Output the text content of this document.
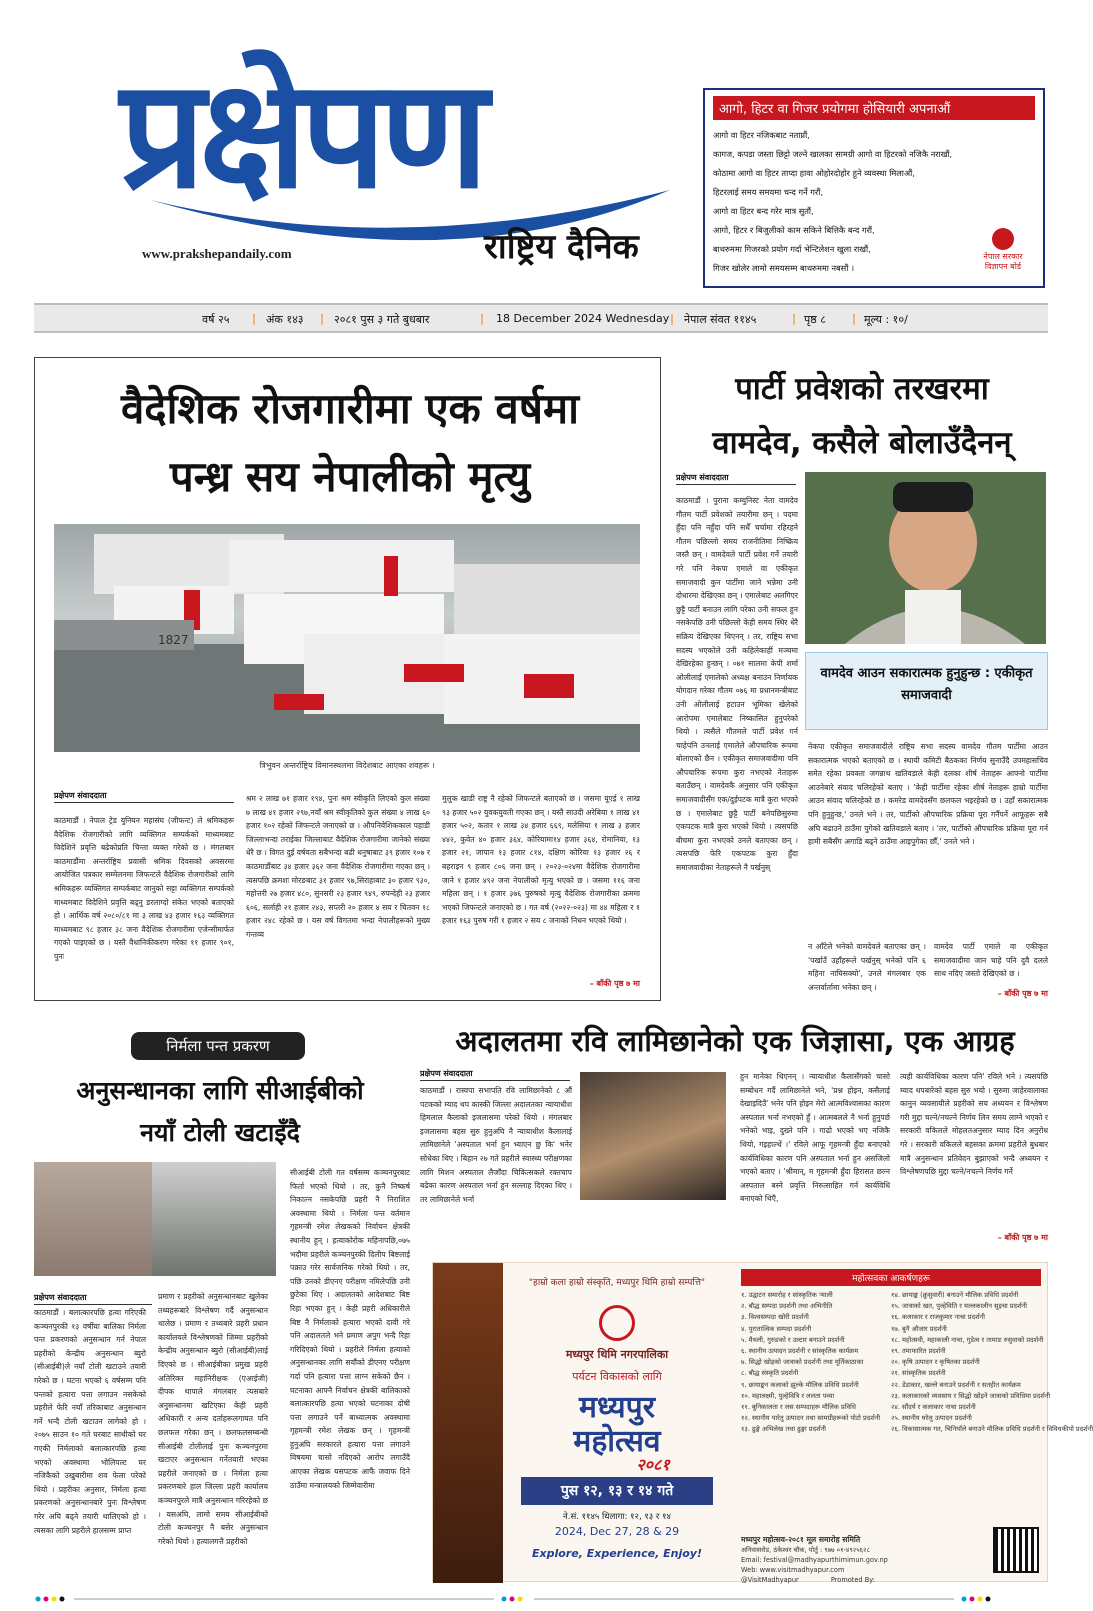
प्रक्षेपण
www.prakshepandaily.com	राष्ट्रिय दैनिक
आगो, हिटर वा गिजर प्रयोगमा होसियारी अपनाऔं
आगो वा हिटर नजिकबाट नताप्नौं,
कागज, कपडा जस्ता छिट्टो जल्ने खालका सामग्री आगो वा हिटरको नजिकै नराखौं,
कोठामा आगो वा हिटर ताप्दा हावा ओहोरदोहोर हुने व्यवस्था मिलाऔं,
हिटरलाई समय समयमा चन्द गर्ने गरौं,
आगो वा हिटर बन्द गरेर मात्र सुतौं,
आगो, हिटर र बिजुलीको काम सकिने बित्तिकै बन्द गरौं,
बाथरुममा गिजरको प्रयोग गर्दा भेन्टिलेशन खुला राखौं,
गिजर खोलेर लामो समयसम्म बाथरुममा नबसौं ।
नेपाल सरकार विज्ञापन बोर्ड
वर्ष २५ | अंक १४३ | २०८१ पुस ३ गते बुधबार	| 18 December 2024 Wednesday | नेपाल संवत ११४५	| पृष्ठ ८ | मूल्य : १०/
वैदेशिक रोजगारीमा एक वर्षमा
पन्ध्र सय नेपालीको मृत्यु
1827
त्रिभुवन अन्तर्राष्ट्रिय विमानस्थलमा विदेशबाट आएका शवहरू ।
प्रक्षेपण संवाददाता
काठमाडौं । नेपाल ट्रेड युनियन महासंघ (जीफन्ट) ले श्रमिकहरू वैदेशिक रोजगारीको लागि व्यक्तिगत सम्पर्कको माध्यमबाट विदेशिने प्रवृत्ति बढेकोप्रति चिन्ता व्यक्त गरेको छ । मंगलबार काठमाडौंमा अन्तर्राष्ट्रिय प्रवासी श्रमिक दिवसको अवसरमा आयोजित पत्रकार सम्मेलनमा जिफन्टले वैदेशिक रोजगारीको लागि श्रमिकहरू व्यक्तिगत सम्पर्कबाट जानुको सट्टा व्यक्तिगत सम्पर्कको माध्यमबाट विदेशिने प्रवृत्ति बढ्नु डरलाग्दो संकेत भएको बताएको हो । आर्थिक वर्ष २०८०/८१ मा ३ लाख ४३ हजार १६३ व्यक्तिगत माध्यमबाट ९८ हजार ३८ जना वैदेशिक रोजगारीमा एजेन्सीमार्फत गएको पाइएको छ । यस्तै वैधानिकीकरण गरेका ११ हजार ९०१, पुनः
श्रम २ लाख ७१ हजार १९४, पुनः श्रम स्वीकृति लिएको कुल संख्या ७ लाख ४१ हजार २९७,नयाँ श्रम स्वीकृतिको कुल संख्या ४ लाख ६० हजार १०२ रहेको जिफन्टले जनाएको छ । औपनिवेशिककाल पहाडी जिल्लाभन्दा तराईका जिल्लाबाट वैदेशिक रोजगारीमा जानेको संख्या धेरै छ । विगत दुई वर्षयता सबैभन्दा बढी धनुषाबाट ३९ हजार १०७ र काठमाडौंबाट ३४ हजार ३६२ जना वैदेशिक रोजगारीमा गएका छन् । त्यसपछि क्रमशः मोरङबाट ३१ हजार ९७,सिराहाबाट ३० हजार ९३०, महोत्तरी २७ हजार ४८०, सुनसरी २३ हजार ९४९, रुपन्देही २३ हजार ६०६, सर्लाही २१ हजार २४३, सप्तरी २० हजार ४ सय र चितवन १८ हजार २४८ रहेको छ । यस वर्ष विगतमा भन्दा नेपालीहरूको मुख्य गन्तव्य
मुलुक खाडी राष्ट्र नै रहेको जिफन्टले बताएको छ । जसमा यूएई १ लाख ९३ हजार ५०२ युवकयुवती गएका छन् । यस्तै साउदी अरेबिया १ लाख ४१ हजार ५०२, कतार १ लाख ३४ हजार ६६९, मलेसिया १ लाख ३ हजार ४४२, कुवेत ४० हजार ३६४, कोरियामा१४ हजार ३६४, रोमानिया, १३ हजार २१, जापान १३ हजार ८१४, दक्षिण कोरिया १३ हजार २६ र बहराइन ९ हजार ८०६ जना छन् । २०२३-०२४मा वैदेशिक रोजगारीमा जाने १ हजार ४९२ जना नेपालीको मृत्यु भएको छ । जसमा ११६ जना महिला छन् । १ हजार ३७६ पुरुषको मृत्यु वैदेशिक रोजगारीका क्रममा भएको जिफन्टले जनाएको छ । गत वर्ष (२०२२-०२३) मा ४४ महिला र १ हजार १६३ पुरुष गरी १ हजार २ सय ८ जनाको निधन भएको थियो ।
– बाँकी पृष्ठ ७ मा
पार्टी प्रवेशको तरखरमा
वामदेव, कसैले बोलाउँदैनन्
प्रक्षेपण संवाददाता
काठमाडौं । पुराना कम्युनिस्ट नेता वामदेव गौतम पार्टी प्रवेशको तयारीमा छन् । पदमा हुँदा पनि नहुँदा पनि सधैँ चर्चामा रहिरहने गौतम पछिल्लो समय राजनीतिमा निष्क्रिय जस्तै छन् । वामदेवले पार्टी प्रवेश गर्ने तयारी गरे पनि नेकपा एमाले वा एकीकृत समाजवादी कुन पार्टीमा जाने भन्नेमा उनी दोधारमा देखिएका छन् । एमालेबाट अलगिएर छुट्टै पार्टी बनाउन लागि परेका उनी सफल हुन नसकेपछि उनी पछिल्लो केही समय स्थिर धेरै सक्रिय देखिएका थिएनन् । तर, राष्ट्रिय सभा सदस्य भएकोले उनी कहिलेकाहीं मञ्चमा देखिरहेका हुन्छन् । ०७१ सालमा केपी शर्मा ओलीलाई एमालेको अध्यक्ष बनाउन निर्णायक योगदान गरेका गौतम ०७६ मा प्रधानमन्त्रीबाट उनी ओलीलाई हटाउन भूमिका खेलेको आरोपमा एमालेबाट निष्कासित हुनुपरेको थियो । त्यसैले गौतमले पार्टी प्रवेश गर्न चाहेपनि उनलाई एमालेले औपचारिक रूपमा बोलाएको छैन । एकीकृत समाजवादीमा पनि औपचारिक रूपमा कुरा नभएको नेताहरू बताउँछन् । वामदेवकै अनुसार पनि एकीकृत समाजवादीसँग एक/दुईपटक मात्रै कुरा भएको छ । एमालेबाट छुट्टै पार्टी बनेपछिसुरुमा एकपटक मात्रै कुरा भएको थियो । त्यसपछि बीचमा कुरा नभएको उनले बताएका छन् । त्यसपछि फेरि एकपटक कुरा हुँदा समाजवादीका नेताहरूले नै पर्खनुस्
वामदेव आउन सकारात्मक हुनुहुन्छ : एकीकृत समाजवादी
नेकपा एकीकृत समाजवादीले राष्ट्रिय सभा सदस्य वामदेव गौतम पार्टीमा आउन सकारात्मक भएको बताएको छ । स्थायी कमिटी बैठकका निर्णय सुनाउँदै उपमहासचिव समेत रहेका प्रवक्ता जगन्नाथ खतिवडाले केही दलका शीर्ष नेताहरू आफ्नो पार्टीमा आउनेबारे संवाद चलिरहेको बताए । 'केही पार्टीमा रहेका शीर्ष नेताहरू हाम्रो पार्टीमा आउन संवाद चलिरहेको छ । कमरेड वामदेवसँग छलफल भइरहेको छ । उहाँ सकारात्मक पनि हुनुहुन्छ,' उनले भने । तर, पार्टीको औपचारिक प्रक्रिया पूरा गर्नैपर्ने आफूहरू सबै अघि बढाउने ठाउँमा पुगेको खतिवडाले बताए । 'तर, पार्टीको औपचारिक प्रक्रिया पूरा गर्न हामी सबैसँग अगाडि बढ्ने ठाउँमा आइपुगेका छौँ,' उनले भने ।
न आँटेले भनेको वामदेवले बताएका छन् । 'पर्खाउँ उहाँहरूले पर्खनुस् भनेको पनि ६ महिना नाघिसक्यो', उनले मंगलबार एक अन्तर्वार्तामा भनेका छन् ।
वामदेव पार्टी एमाले वा एकीकृत समाजवादीमा जान चाहे पनि दुवै दलले साथ नदिए जस्तो देखिएको छ ।
– बाँकी पृष्ठ ७ मा
निर्मला पन्त प्रकरण
अनुसन्धानका लागि सीआईबीको
नयाँ टोली खटाइँदै
प्रक्षेपण संवाददाता
काठमाडौं । बलात्कारपछि हत्या गरिएकी कञ्चनपुरकी १३ वर्षीया बालिका निर्मला पन्त प्रकरणको अनुसन्धान गर्न नेपाल प्रहरीको केन्द्रीय अनुसन्धान ब्युरो (सीआईबी)ले नयाँ टोली खटाउने तयारी गरेको छ । घटना भएको ६ वर्षसम्म पनि पन्तको हत्यारा पत्ता लगाउन नसकेको प्रहरीले फेरि नयाँ तरिकाबाट अनुसन्धान गर्ने भन्दै टोली खटाउन लागेको हो । २०७५ साउन १० गते घरबाट साथीको घर गएकी निर्मलाको बलात्कारपछि हत्या भएको अवस्थामा भोलिपल्ट घर नजिकैको उखुबारीमा शव फेला परेको थियो । प्रहरीका अनुसार, निर्मला हत्या प्रकरणको अनुसन्धानबारे पुनः विश्लेषण गरेर अघि बढ्ने तयारी थालिएको हो । त्यसका लागि प्रहरीले हालसम्म प्राप्त
प्रमाण र प्रहरीको अनुसन्धानबाट खुलेका तथ्यहरूबारे विश्लेषण गर्दै अनुसन्धान थालेछ । प्रमाण र तथ्यबारे प्रहरी प्रधान कार्यालयले विश्लेषणको जिम्मा प्रहरीको केन्द्रीय अनुसन्धान ब्युरो (सीआईबी)लाई दिएको छ । सीआईबीका प्रमुख प्रहरी अतिरिक्त महानिरीक्षक (एआईजी) दीपक थापाले मंगलबार त्यसबारे अनुसन्धानमा खटिएका केही प्रहरी अधिकारी र अन्य दर्ताहरूलगायत पनि छलफल गरेका छन् । छलफलसम्बन्धी सीआईबी टोलीलाई पुनः कञ्चनपुरमा खटाएर अनुसन्धान गर्नेतयारी भएका प्रहरीले जनाएको छ । निर्मला हत्या प्रकरणबारे हाल जिल्ला प्रहरी कार्यालय कञ्चनपुरले मात्रै अनुसन्धान गरिरहेको छ । यसअघि, लामो समय सीआईबीको टोली कञ्चनपुर नै बसेर अनुसन्धान गरेको थियो । हत्यालगत्तै प्रहरीको
सीआईबी टोली गत वर्षसम्म कञ्चनपुरबाट फिर्ता भएको थियो । तर, कुनै निष्कर्ष निकाल्न नसकेपछि प्रहरी नै निराशित अवस्थामा थियो । निर्मला पन्त वर्तमान गृहमन्त्री रमेश लेखकको निर्वाचन क्षेत्रकी स्थानीय हुन् । हत्याकोरोक महिनापछि,०७५ भदौमा प्रहरीले कञ्चनपुरकी दिलीप बिष्टलाई पक्राउ गरेर सार्वजनिक गरेको थियो । तर, पछि उनको डीएनए परीक्षण नमिलेपछि उनी छुटेका थिए । अदालतको आदेशबाट बिष्ट रिहा भएका हुन् । केही प्रहरी अधिकारीले बिष्ट नै निर्मलाको हत्यारा भएको दावी गरे पनि अदालतले भने प्रमाण अपुग भन्दै रिहा गरिदिएको थियो । प्रहरीले निर्मला हत्याको अनुसन्धानका लागि सयौंको डीएनए परीक्षण गर्दा पनि हत्यारा पत्ता लाग्न सकेको छैन । घटनाका आफ्नै निर्वाचन क्षेत्रकी बालिकाको बलात्कारपछि हत्या भएको घटनाका दोषी पत्ता लगाउने पर्ने बाध्यात्मक अवस्थामा गृहमन्त्री रमेश लेखक छन् । गृहमन्त्री हुनुअघि सरकारले हत्यारा पत्ता लगाउने विषयमा चासो नदिएको आरोप लगाउँदै आएका लेखक यसपटक आफैं जवाफ दिने ठाउँमा मन्त्रालयको जिम्मेवारीमा
अदालतमा रवि लामिछानेको एक जिज्ञासा, एक आग्रह
प्रक्षेपण संवाददाता
काठमाडौं । रास्वपा सभापति रवि लामिछानेको ८ औं पटकको म्याद थप कास्की जिल्ला अदालतका न्यायाधीश हिमलाल कैलाको इजलासमा परेको थियो । मंगलबार इजलासमा बहस सुरु हुनुअघि नै न्यायाधीश कैलालाई लामिछानेले 'अस्पताल भर्ना हुन भ्याएन छु कि' भनेर सोधेका थिए । बिहान २७ गते प्रहरीले स्वास्थ्य परीक्षणका लागि मिशन अस्पताल लैजाँदा चिकित्सकले रक्तचाप बढेका कारण अस्पताल भर्ना हुन सल्लाह दिएका थिए । तर लामिछानेले भर्ना
हुन मानेका थिएनन् । न्यायाधीश कैलासँगको चासो सम्बोधन गर्दै लामिछानेले भने, 'प्रश्न होइन, कसैलाई देखाइदिउँ' भनेर पनि होइन मेरो आत्मविश्वासका कारण अस्पताल भर्ना नभएको हुँ । आत्मबलले नै भर्ना हुनुपर्छ भनेको भाइ, दुख्ने पनि । गाढो भएको भए नजिकै थियो, गइहाल्थें ।' रविले आफू गृहमन्त्री हुँदा बनाएको कार्यविधिका कारण पनि अस्पताल भर्ना हुन असजिलो भएको बताए । 'श्रीमान्, म गृहमन्त्री हुँदा हिरासत छल्न अस्पताल बस्ने प्रवृत्ति निरुत्साहित गर्न कार्यविधि बनाएको थिएँ,
त्यही कार्यविधिका कारण पनि' रविले भने । त्यसपछि म्याद थपबारेको बहस सुरु भयो । सुरुमा जाहेरवालाका कानुन व्यवसायीले प्रहरीको सय अध्ययन र विश्लेषण गरी मुद्दा चल्ने/नचल्ने निर्णय लिन समय लाग्ने भएको र सरकारी वकिलले मोहलतअनुसार म्याद दिन अनुरोध गरे । सरकारी वकिलले बहसका क्रममा प्रहरीले बुधबार मात्रै अनुसन्धान प्रतिवेदन बुझाएको भन्दै अध्ययन र विश्लेषणपछि मुद्दा चल्ने/नचल्ने निर्णय गर्ने
– बाँकी पृष्ठ ७ मा
"हाम्रो कला हाम्रो संस्कृति, मध्यपुर थिमि हाम्रो सम्पत्ति"
मध्यपुर थिमि नगरपालिका
पर्यटन विकासको लागि
मध्यपुर
महोत्सव
२०८१
पुस १२, १३ र १४ गते
ने.सं. ११४५ थिलागा: १२, १३ र १४
2024, Dec 27, 28 & 29
Explore, Experience, Enjoy!
महोत्सवका आकर्षणहरू
१. उद्घाटन समारोह र सांस्कृतिक र्‍याली
२. बौद्ध सम्पदा प्रदर्शनी तथा अभिनीति
३. विश्वसम्पदा खोरी प्रदर्शनी
४. पुरातात्विक सम्पदा प्रदर्शनी
५. मैथली, गुरुङको र उल्टार बनाउने प्रदर्शनी
६. स्थानीय उत्पादन प्रदर्शनी र सांस्कृतिक कार्यक्रम
७. सिद्धो खोइको जात्राको प्रदर्शनी तथा मूर्तिकाठाका
८. बौद्ध संस्कृति प्रदर्शनी
९. छायाङ्कन कलाको झुल्के मौलिक प्रविधि प्रदर्शनी
१०. महालक्ष्मी, पुल्हेवित्रि र ललता पव्या
११. बुनिकालता र लस सम्पदाहरू मौलिक प्रविधि
१२. स्थानीय पारेतु उत्पादन तथा सामग्रीहरूको पोटो प्रदर्शनी
१३. ढुङ्गे अभिलेख तथा ढुङ्गा प्रदर्शनी
१४. छायाङ्क (क्रुसुवारी) बनाउने मौलिक प्रविधि प्रदर्शनी
१५. जात्राको खत, पुल्हेविति र मल्लकालीन सुइचा प्रदर्शनी
१६. कलाकार र राजकुमार नाचा प्रदर्शनी
१७. बुनै औजार प्रदर्शनी
१८. महोत्सवी, महाकाली नाचा, गुडेत्व र तामाङ रुसुवाको प्रदर्शनी
१९. तमाफारित प्रदर्शनी
२०. कृषि उत्पादन र कृषितका प्रदर्शनी
२१. सांस्कृतिक प्रदर्शनी
२२. डेडाकार, खल्ले बनाउने प्रदर्शनी र सतहीत कार्यक्रम
२३. कलाकारको व्यवसाय र सिद्धो खोइने जात्राको प्रविधिमा प्रदर्शनी
२४. सौंदर्य र कलाकार नाचा प्रदर्शनी
२५. स्थानीय घरेलु उत्पादन प्रदर्शनी
२६. विकासात्मक गत, चिनियाँले बनाउने मौलिक प्रविधि प्रदर्शनी र विविधकीपो प्रदर्शनी
मध्यपुर महोत्सव-२०८१ मूल समारोह समिति
अनिवासरोड, ठंकेश्वर चौक, पोर्तु : ९७७ ०१-४९२५६२८
Email: festival@madhyapurthimimun.gov.np
Web: www.visitmadhyapur.com
@VisitMadhyapur	Promoted By:
